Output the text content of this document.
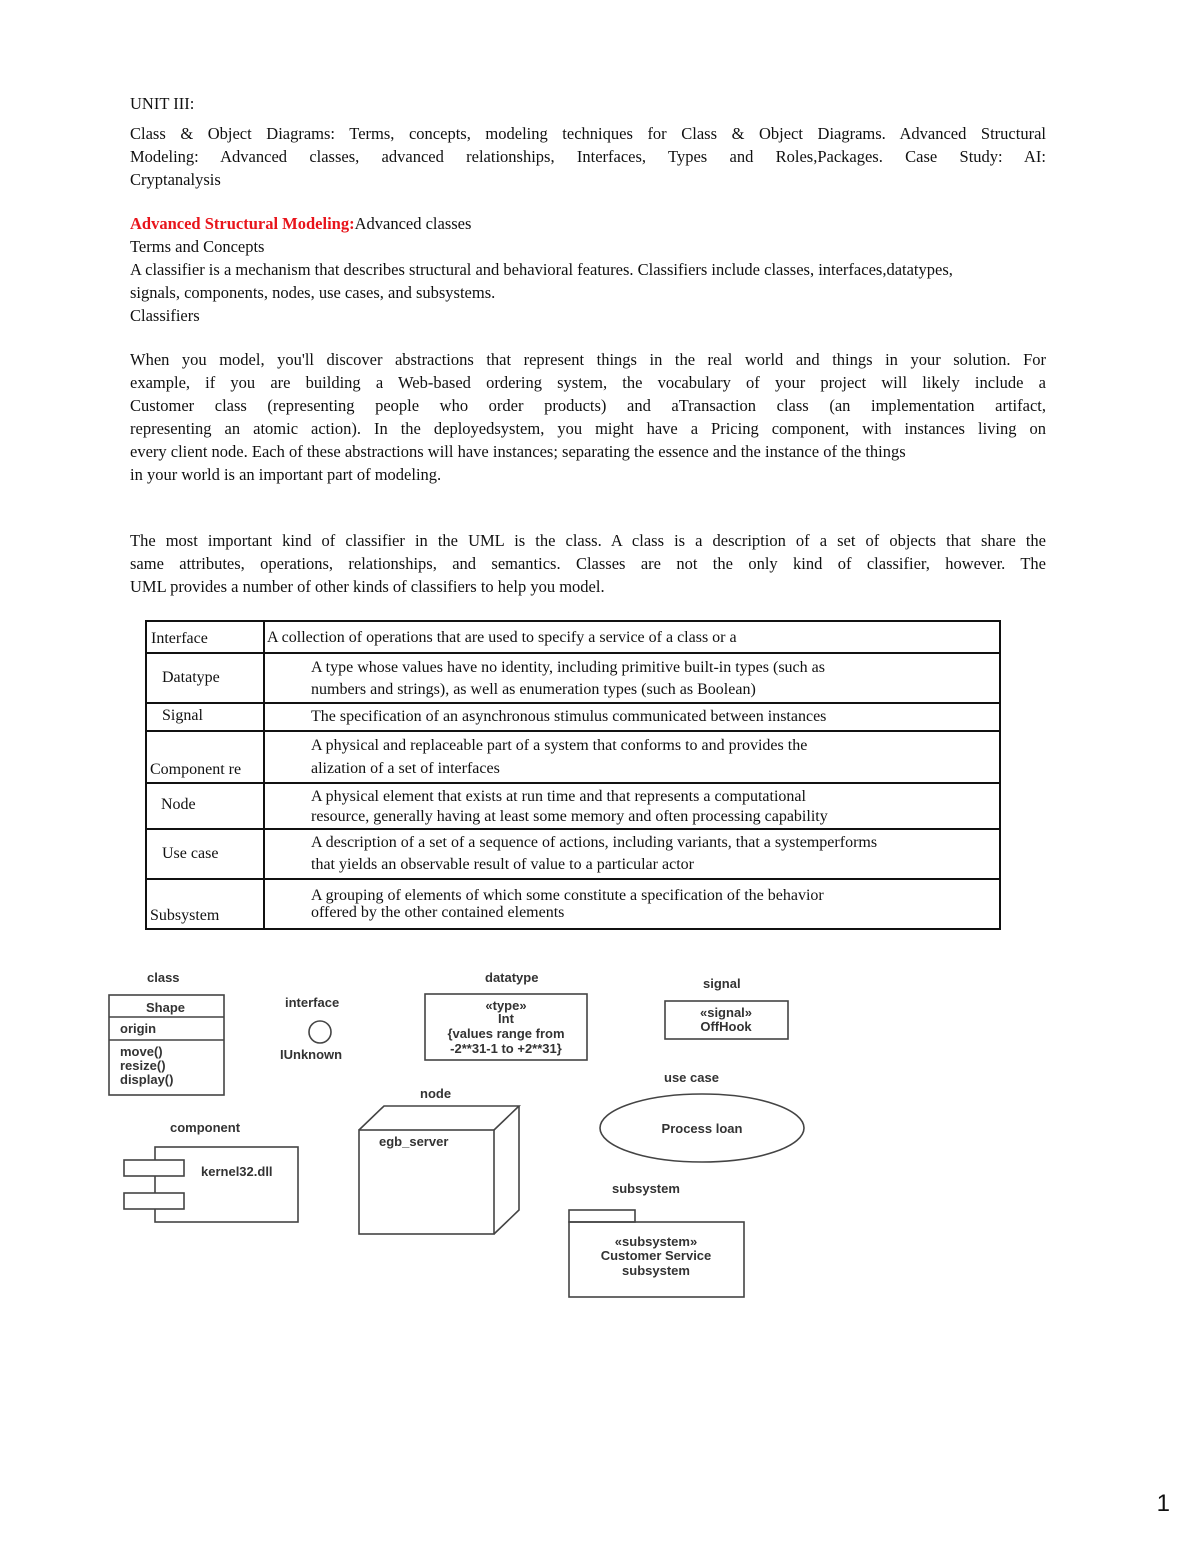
UNIT III:
Class & Object Diagrams: Terms, concepts, modeling techniques for Class & Object Diagrams. Advanced Structural
Modeling: Advanced classes, advanced relationships, Interfaces, Types and Roles,Packages. Case Study: AI:
Cryptanalysis
Advanced Structural Modeling:Advanced classes
Terms and Concepts
A classifier is a mechanism that describes structural and behavioral features. Classifiers include classes, interfaces,datatypes,
signals, components, nodes, use cases, and subsystems.
Classifiers
When you model, you'll discover abstractions that represent things in the real world and things in your solution. For
example, if you are building a Web-based ordering system, the vocabulary of your project will likely include a
Customer class (representing people who order products) and aTransaction class (an implementation artifact,
representing an atomic action). In the deployedsystem, you might have a Pricing component, with instances living on
every client node. Each of these abstractions will have instances; separating the essence and the instance of the things
in your world is an important part of modeling.
The most important kind of classifier in the UML is the class. A class is a description of a set of objects that share the
same attributes, operations, relationships, and semantics. Classes are not the only kind of classifier, however. The
UML provides a number of other kinds of classifiers to help you model.
Interface	A collection of operations that are used to specify a service of a class or a

Datatype	A type whose values have no identity, including primitive built-in types (such as
numbers and strings), as well as enumeration types (such as Boolean)

Signal	The specification of an asynchronous stimulus communicated between instances

Component re	A physical and replaceable part of a system that conforms to and provides the
alization of a set of interfaces

Node	A physical element that exists at run time and that represents a computational
resource, generally having at least some memory and often processing capability

Use case	A description of a set of a sequence of actions, including variants, that a systemperforms
that yields an observable result of value to a particular actor

Subsystem	A grouping of elements of which some constitute a specification of the behavior
offered by the other contained elements
class
Shape
origin
move()
resize()
display()
interface
IUnknown
datatype
«type»
Int
{values range from
-2**31-1 to +2**31}
signal
«signal»
OffHook
use case
Process loan
node
egb_server
component
kernel32.dll
subsystem
«subsystem»
Customer Service
subsystem
1
